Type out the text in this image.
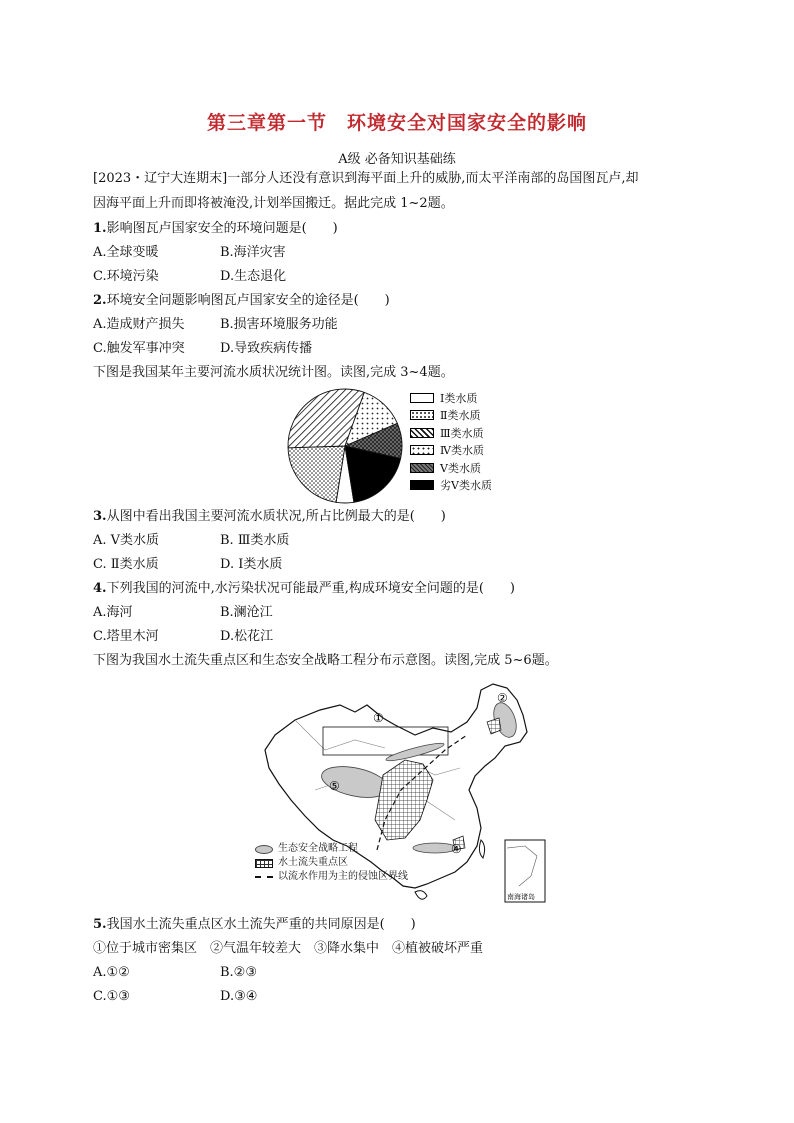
第三章第一节　环境安全对国家安全的影响
A级 必备知识基础练
[2023・辽宁大连期末]一部分人还没有意识到海平面上升的威胁,而太平洋南部的岛国图瓦卢,却
因海平面上升而即将被淹没,计划举国搬迁。据此完成 1~2题。
1.影响图瓦卢国家安全的环境问题是(　　)
A.全球变暖	B.海洋灾害
C.环境污染	D.生态退化
2.环境安全问题影响图瓦卢国家安全的途径是(　　)
A.造成财产损失	B.损害环境服务功能
C.触发军事冲突	D.导致疾病传播
下图是我国某年主要河流水质状况统计图。读图,完成 3~4题。
Ⅰ类水质
Ⅱ类水质
Ⅲ类水质
Ⅳ类水质
Ⅴ类水质
劣Ⅴ类水质
3.从图中看出我国主要河流水质状况,所占比例最大的是(　　)
A. Ⅴ类水质	B. Ⅲ类水质
C. Ⅱ类水质	D. Ⅰ类水质
4.下列我国的河流中,水污染状况可能最严重,构成环境安全问题的是(　　)
A.海河	B.澜沧江
C.塔里木河	D.松花江
下图为我国水土流失重点区和生态安全战略工程分布示意图。读图,完成 5~6题。
①
②
④
⑤
南海诸岛
生态安全战略工程
水土流失重点区
以流水作用为主的侵蚀区界线
5.我国水土流失重点区水土流失严重的共同原因是(　　)
①位于城市密集区　②气温年较差大　③降水集中　④植被破坏严重
A.①②	B.②③
C.①③	D.③④
